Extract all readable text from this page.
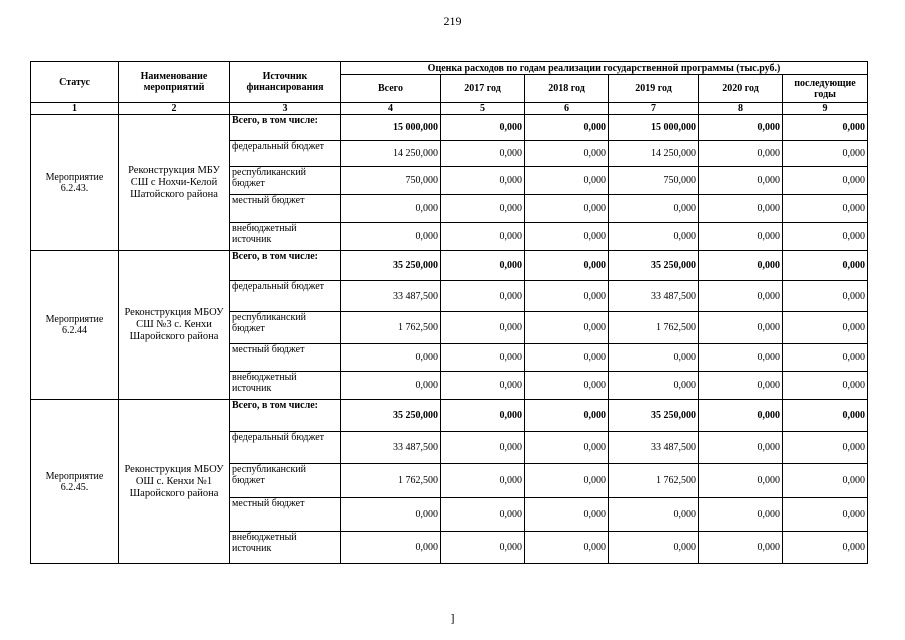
219
Статус	Наименование мероприятий	Источник финансирования	Оценка расходов по годам реализации государственной программы (тыс.руб.)					
			Всего	2017 год	2018 год	2019 год	2020 год	последующие годы
1	2	3	4	5	6	7	8	9
Мероприятие 6.2.43.	Реконструкция МБУ СШ с Нохчи-Келой Шатойского района	Всего, в том числе:	15 000,000	0,000	0,000	15 000,000	0,000	0,000
		федеральный бюджет	14 250,000	0,000	0,000	14 250,000	0,000	0,000
		республиканский бюджет	750,000	0,000	0,000	750,000	0,000	0,000
		местный бюджет	0,000	0,000	0,000	0,000	0,000	0,000
		внебюджетный источник	0,000	0,000	0,000	0,000	0,000	0,000
Мероприятие 6.2.44	Реконструкция МБОУ СШ №3 с. Кенхи Шаройского района	Всего, в том числе:	35 250,000	0,000	0,000	35 250,000	0,000	0,000
		федеральный бюджет	33 487,500	0,000	0,000	33 487,500	0,000	0,000
		республиканский бюджет	1 762,500	0,000	0,000	1 762,500	0,000	0,000
		местный бюджет	0,000	0,000	0,000	0,000	0,000	0,000
		внебюджетный источник	0,000	0,000	0,000	0,000	0,000	0,000
Мероприятие 6.2.45.	Реконструкция МБОУ ОШ с. Кенхи №1 Шаройского района	Всего, в том числе:	35 250,000	0,000	0,000	35 250,000	0,000	0,000
		федеральный бюджет	33 487,500	0,000	0,000	33 487,500	0,000	0,000
		республиканский бюджет	1 762,500	0,000	0,000	1 762,500	0,000	0,000
		местный бюджет	0,000	0,000	0,000	0,000	0,000	0,000
		внебюджетный источник	0,000	0,000	0,000	0,000	0,000	0,000
]
